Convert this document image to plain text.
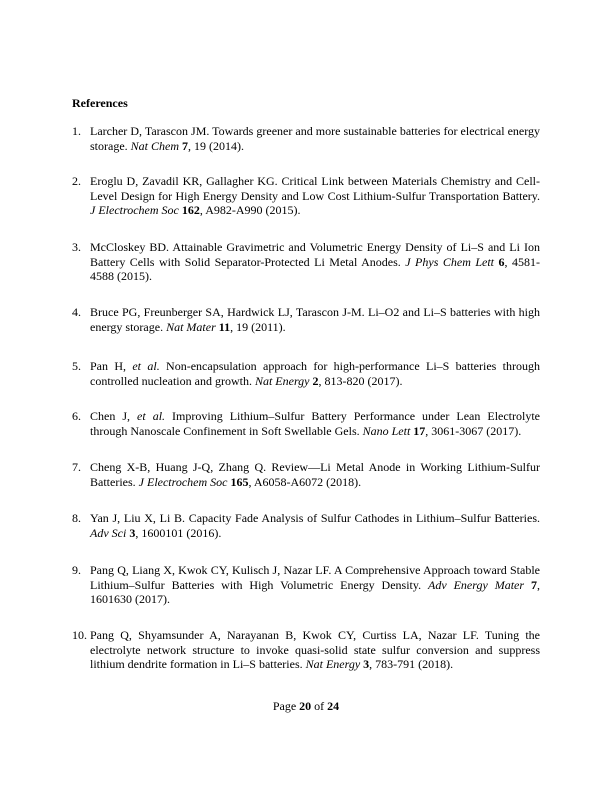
References
1. Larcher D, Tarascon JM. Towards greener and more sustainable batteries for electrical energy storage. Nat Chem 7, 19 (2014).
2. Eroglu D, Zavadil KR, Gallagher KG. Critical Link between Materials Chemistry and Cell-Level Design for High Energy Density and Low Cost Lithium-Sulfur Transportation Battery. J Electrochem Soc 162, A982-A990 (2015).
3. McCloskey BD. Attainable Gravimetric and Volumetric Energy Density of Li–S and Li Ion Battery Cells with Solid Separator-Protected Li Metal Anodes. J Phys Chem Lett 6, 4581-4588 (2015).
4. Bruce PG, Freunberger SA, Hardwick LJ, Tarascon J-M. Li–O2 and Li–S batteries with high energy storage. Nat Mater 11, 19 (2011).
5. Pan H, et al. Non-encapsulation approach for high-performance Li–S batteries through controlled nucleation and growth. Nat Energy 2, 813-820 (2017).
6. Chen J, et al. Improving Lithium–Sulfur Battery Performance under Lean Electrolyte through Nanoscale Confinement in Soft Swellable Gels. Nano Lett 17, 3061-3067 (2017).
7. Cheng X-B, Huang J-Q, Zhang Q. Review—Li Metal Anode in Working Lithium-Sulfur Batteries. J Electrochem Soc 165, A6058-A6072 (2018).
8. Yan J, Liu X, Li B. Capacity Fade Analysis of Sulfur Cathodes in Lithium–Sulfur Batteries. Adv Sci 3, 1600101 (2016).
9. Pang Q, Liang X, Kwok CY, Kulisch J, Nazar LF. A Comprehensive Approach toward Stable Lithium–Sulfur Batteries with High Volumetric Energy Density. Adv Energy Mater 7, 1601630 (2017).
10. Pang Q, Shyamsunder A, Narayanan B, Kwok CY, Curtiss LA, Nazar LF. Tuning the electrolyte network structure to invoke quasi-solid state sulfur conversion and suppress lithium dendrite formation in Li–S batteries. Nat Energy 3, 783-791 (2018).
Page 20 of 24
